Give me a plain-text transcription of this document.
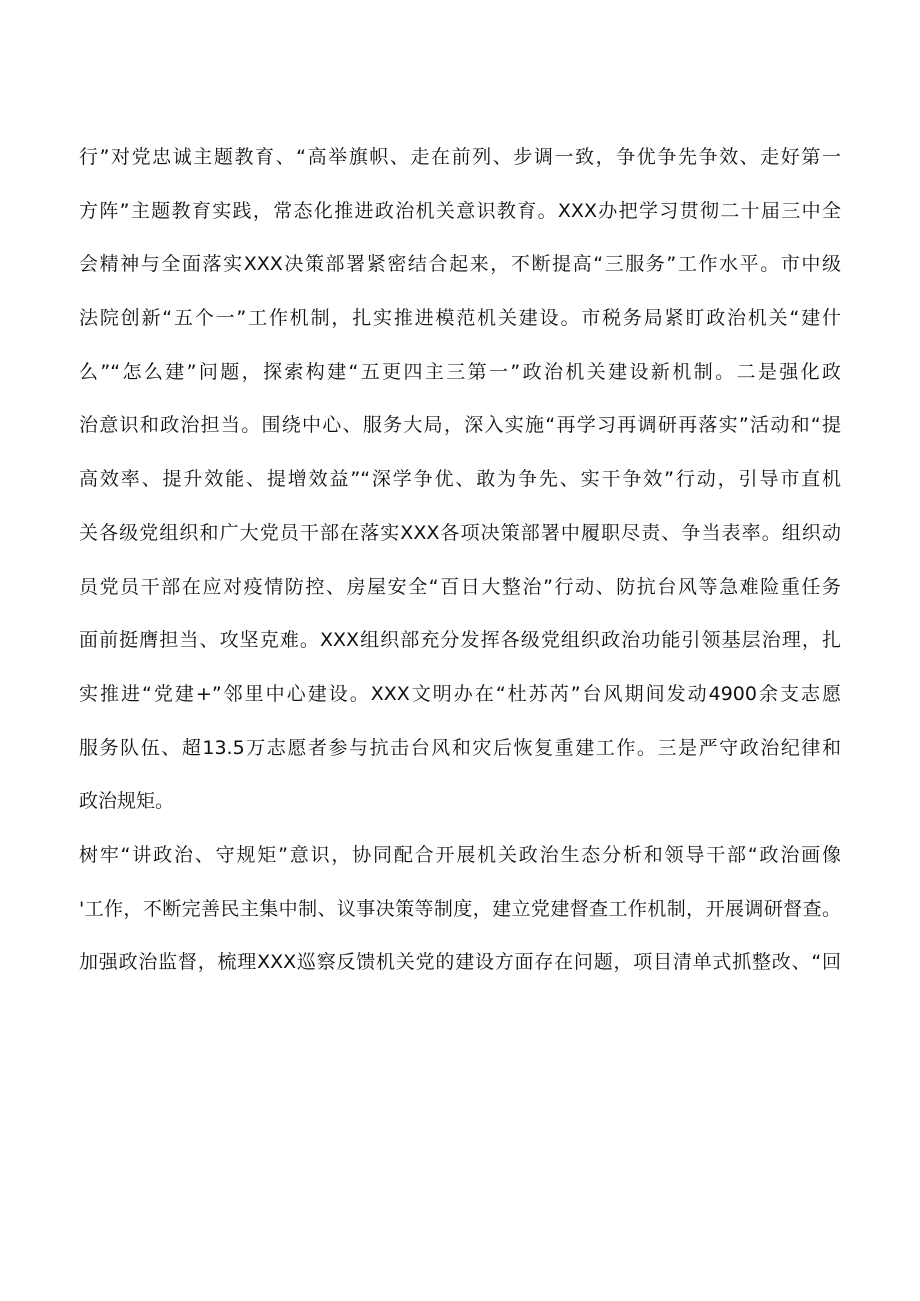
行”对党忠诚主题教育、“高举旗帜、走在前列、步调一致，争优争先争效、走好第一
方阵”主题教育实践，常态化推进政治机关意识教育。XXX办把学习贯彻二十届三中全
会精神与全面落实XXX决策部署紧密结合起来，不断提高“三服务”工作水平。市中级
法院创新“五个一”工作机制，扎实推进模范机关建设。市税务局紧盯政治机关“建什
么”“怎么建”问题，探索构建“五更四主三第一”政治机关建设新机制。二是强化政
治意识和政治担当。围绕中心、服务大局，深入实施“再学习再调研再落实”活动和“提
高效率、提升效能、提增效益”“深学争优、敢为争先、实干争效”行动，引导市直机
关各级党组织和广大党员干部在落实XXX各项决策部署中履职尽责、争当表率。组织动
员党员干部在应对疫情防控、房屋安全“百日大整治”行动、防抗台风等急难险重任务
面前挺膺担当、攻坚克难。XXX组织部充分发挥各级党组织政治功能引领基层治理，扎
实推进“党建+”邻里中心建设。XXX文明办在“杜苏芮”台风期间发动4900余支志愿
服务队伍、超13.5万志愿者参与抗击台风和灾后恢复重建工作。三是严守政治纪律和
政治规矩。
树牢“讲政治、守规矩”意识，协同配合开展机关政治生态分析和领导干部“政治画像
'工作，不断完善民主集中制、议事决策等制度，建立党建督查工作机制，开展调研督查。
加强政治监督，梳理XXX巡察反馈机关党的建设方面存在问题，项目清单式抓整改、“回
